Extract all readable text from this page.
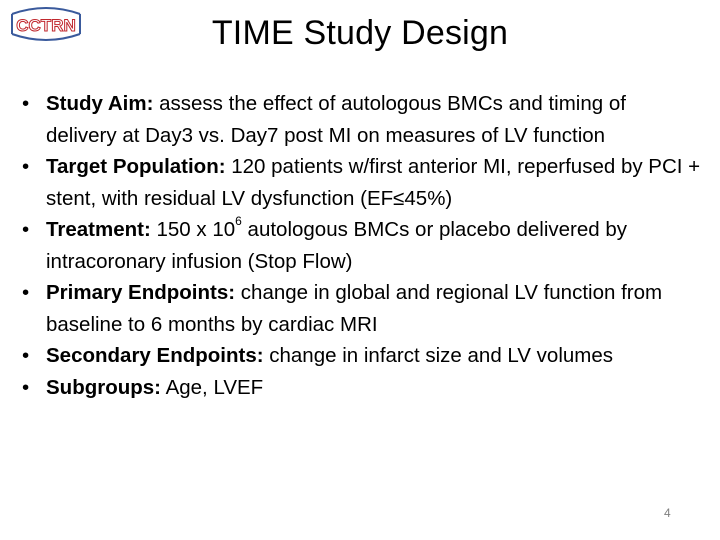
CCTRN	TIME Study Design
• Study Aim: assess the effect of autologous BMCs and timing of delivery at Day3 vs. Day7 post MI on measures of LV function
• Target Population: 120 patients w/first anterior MI, reperfused by PCI + stent, with residual LV dysfunction (EF≤45%)
• Treatment: 150 x $10^6$ autologous BMCs or placebo delivered by intracoronary infusion (Stop Flow)
• Primary Endpoints: change in global and regional LV function from baseline to 6 months by cardiac MRI
• Secondary Endpoints: change in infarct size and LV volumes
• Subgroups: Age, LVEF
4
